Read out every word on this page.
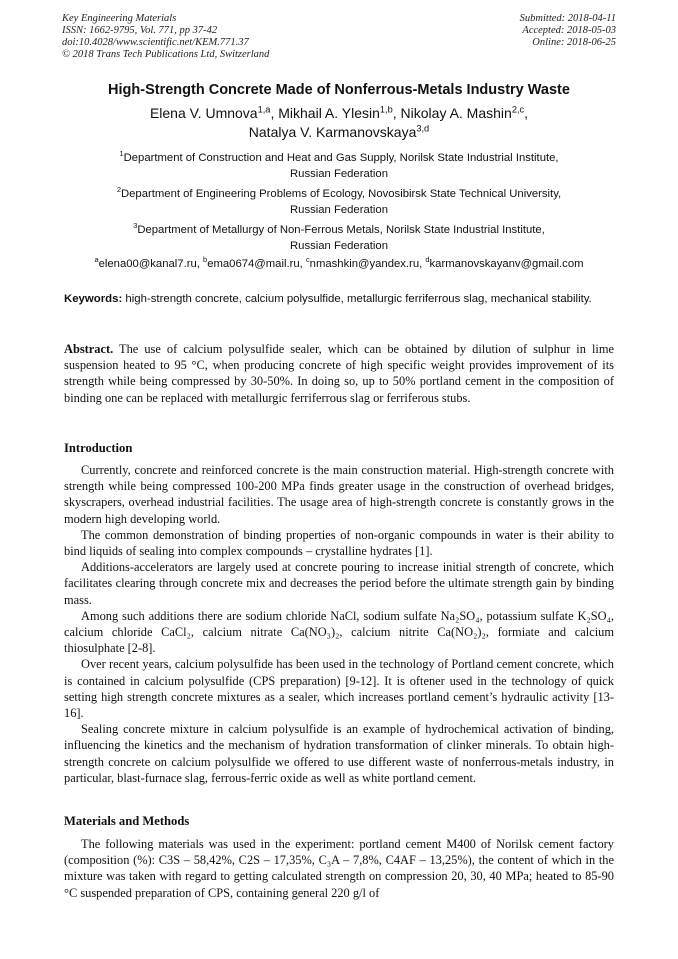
Key Engineering Materials
ISSN: 1662-9795, Vol. 771, pp 37-42
doi:10.4028/www.scientific.net/KEM.771.37
© 2018 Trans Tech Publications Ltd, Switzerland
Submitted: 2018-04-11
Accepted: 2018-05-03
Online: 2018-06-25
High-Strength Concrete Made of Nonferrous-Metals Industry Waste
Elena V. Umnova$^{1,a}$, Mikhail A. Ylesin$^{1,b}$, Nikolay A. Mashin$^{2,c}$,
Natalya V. Karmanovskaya$^{3,d}$
$^1$Department of Construction and Heat and Gas Supply, Norilsk State Industrial Institute,
Russian Federation
$^2$Department of Engineering Problems of Ecology, Novosibirsk State Technical University,
Russian Federation
$^3$Department of Metallurgy of Non-Ferrous Metals, Norilsk State Industrial Institute,
Russian Federation
$^a$elena00@kanal7.ru, $^b$ema0674@mail.ru, $^c$nmashkin@yandex.ru, $^d$karmanovskayanv@gmail.com
Keywords: high-strength concrete, calcium polysulfide, metallurgic ferriferrous slag, mechanical stability.

Abstract. The use of calcium polysulfide sealer, which can be obtained by dilution of sulphur in lime suspension heated to 95 °C, when producing concrete of high specific weight provides improvement of its strength while being compressed by 30-50%. In doing so, up to 50% portland cement in the composition of binding one can be replaced with metallurgic ferriferrous slag or ferriferous stubs.

Introduction

Currently, concrete and reinforced concrete is the main construction material. High-strength concrete with strength while being compressed 100-200 MPa finds greater usage in the construction of overhead bridges, skyscrapers, overhead industrial facilities. The usage area of high-strength concrete is constantly grows in the modern high developing world.

The common demonstration of binding properties of non-organic compounds in water is their ability to bind liquids of sealing into complex compounds – crystalline hydrates [1].

Additions-accelerators are largely used at concrete pouring to increase initial strength of concrete, which facilitates clearing through concrete mix and decreases the period before the ultimate strength gain by binding mass.

Among such additions there are sodium chloride NaCl, sodium sulfate Na₂SO₄, potassium sulfate K₂SO₄, calcium chloride CaCl₂, calcium nitrate Ca(NO₃)₂, calcium nitrite Ca(NO₂)₂, formiate and calcium thiosulphate [2-8].

Over recent years, calcium polysulfide has been used in the technology of Portland cement concrete, which is contained in calcium polysulfide (CPS preparation) [9-12]. It is oftener used in the technology of quick setting high strength concrete mixtures as a sealer, which increases portland cement’s hydraulic activity [13-16].

Sealing concrete mixture in calcium polysulfide is an example of hydrochemical activation of binding, influencing the kinetics and the mechanism of hydration transformation of clinker minerals. To obtain high-strength concrete on calcium polysulfide we offered to use different waste of nonferrous-metals industry, in particular, blast-furnace slag, ferrous-ferric oxide as well as white portland cement.

Materials and Methods

The following materials was used in the experiment: portland cement M400 of Norilsk cement factory (composition (%): C3S – 58,42%, C2S – 17,35%, C₃A – 7,8%, C4AF – 13,25%), the content of which in the mixture was taken with regard to getting calculated strength on compression 20, 30, 40 MPa; heated to 85-90 °C suspended preparation of CPS, containing general 220 g/l of
